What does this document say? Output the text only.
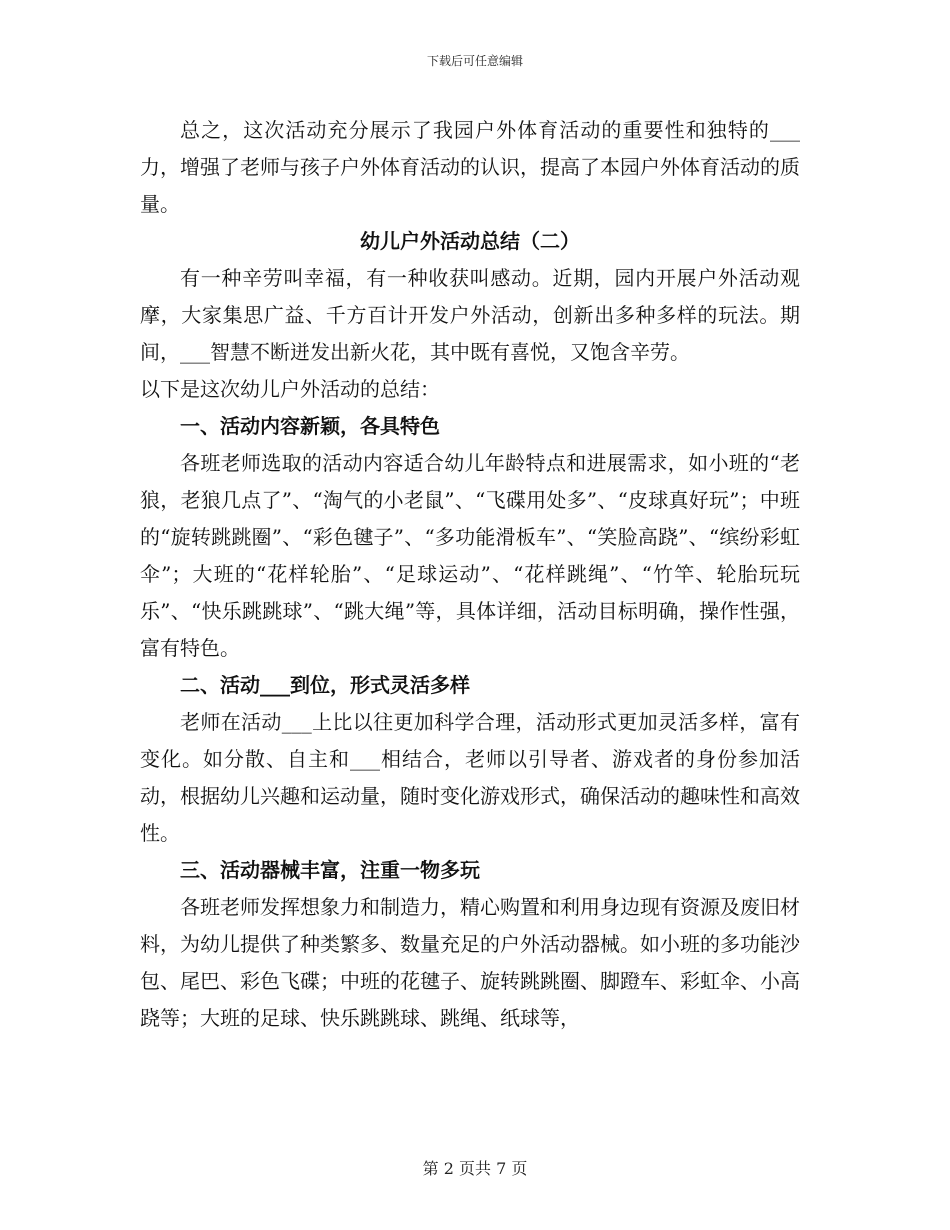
下载后可任意编辑

总之，这次活动充分展示了我园户外体育活动的重要性和独特的___力，增强了老师与孩子户外体育活动的认识，提高了本园户外体育活动的质量。

幼儿户外活动总结（二）

有一种辛劳叫幸福，有一种收获叫感动。近期，园内开展户外活动观摩，大家集思广益、千方百计开发户外活动，创新出多种多样的玩法。期间，___智慧不断迸发出新火花，其中既有喜悦，又饱含辛劳。

以下是这次幼儿户外活动的总结：

一、活动内容新颖，各具特色

各班老师选取的活动内容适合幼儿年龄特点和进展需求，如小班的“老狼，老狼几点了”、“淘气的小老鼠”、“飞碟用处多”、“皮球真好玩”；中班的“旋转跳跳圈”、“彩色毽子”、“多功能滑板车”、“笑脸高跷”、“缤纷彩虹伞”；大班的“花样轮胎”、“足球运动”、“花样跳绳”、“竹竿、轮胎玩玩乐”、“快乐跳跳球”、“跳大绳”等，具体详细，活动目标明确，操作性强，富有特色。

二、活动___到位，形式灵活多样

老师在活动___上比以往更加科学合理，活动形式更加灵活多样，富有变化。如分散、自主和___相结合，老师以引导者、游戏者的身份参加活动，根据幼儿兴趣和运动量，随时变化游戏形式，确保活动的趣味性和高效性。

三、活动器械丰富，注重一物多玩

各班老师发挥想象力和制造力，精心购置和利用身边现有资源及废旧材料，为幼儿提供了种类繁多、数量充足的户外活动器械。如小班的多功能沙包、尾巴、彩色飞碟；中班的花毽子、旋转跳跳圈、脚蹬车、彩虹伞、小高跷等；大班的足球、快乐跳跳球、跳绳、纸球等，

第 2 页共 7 页
